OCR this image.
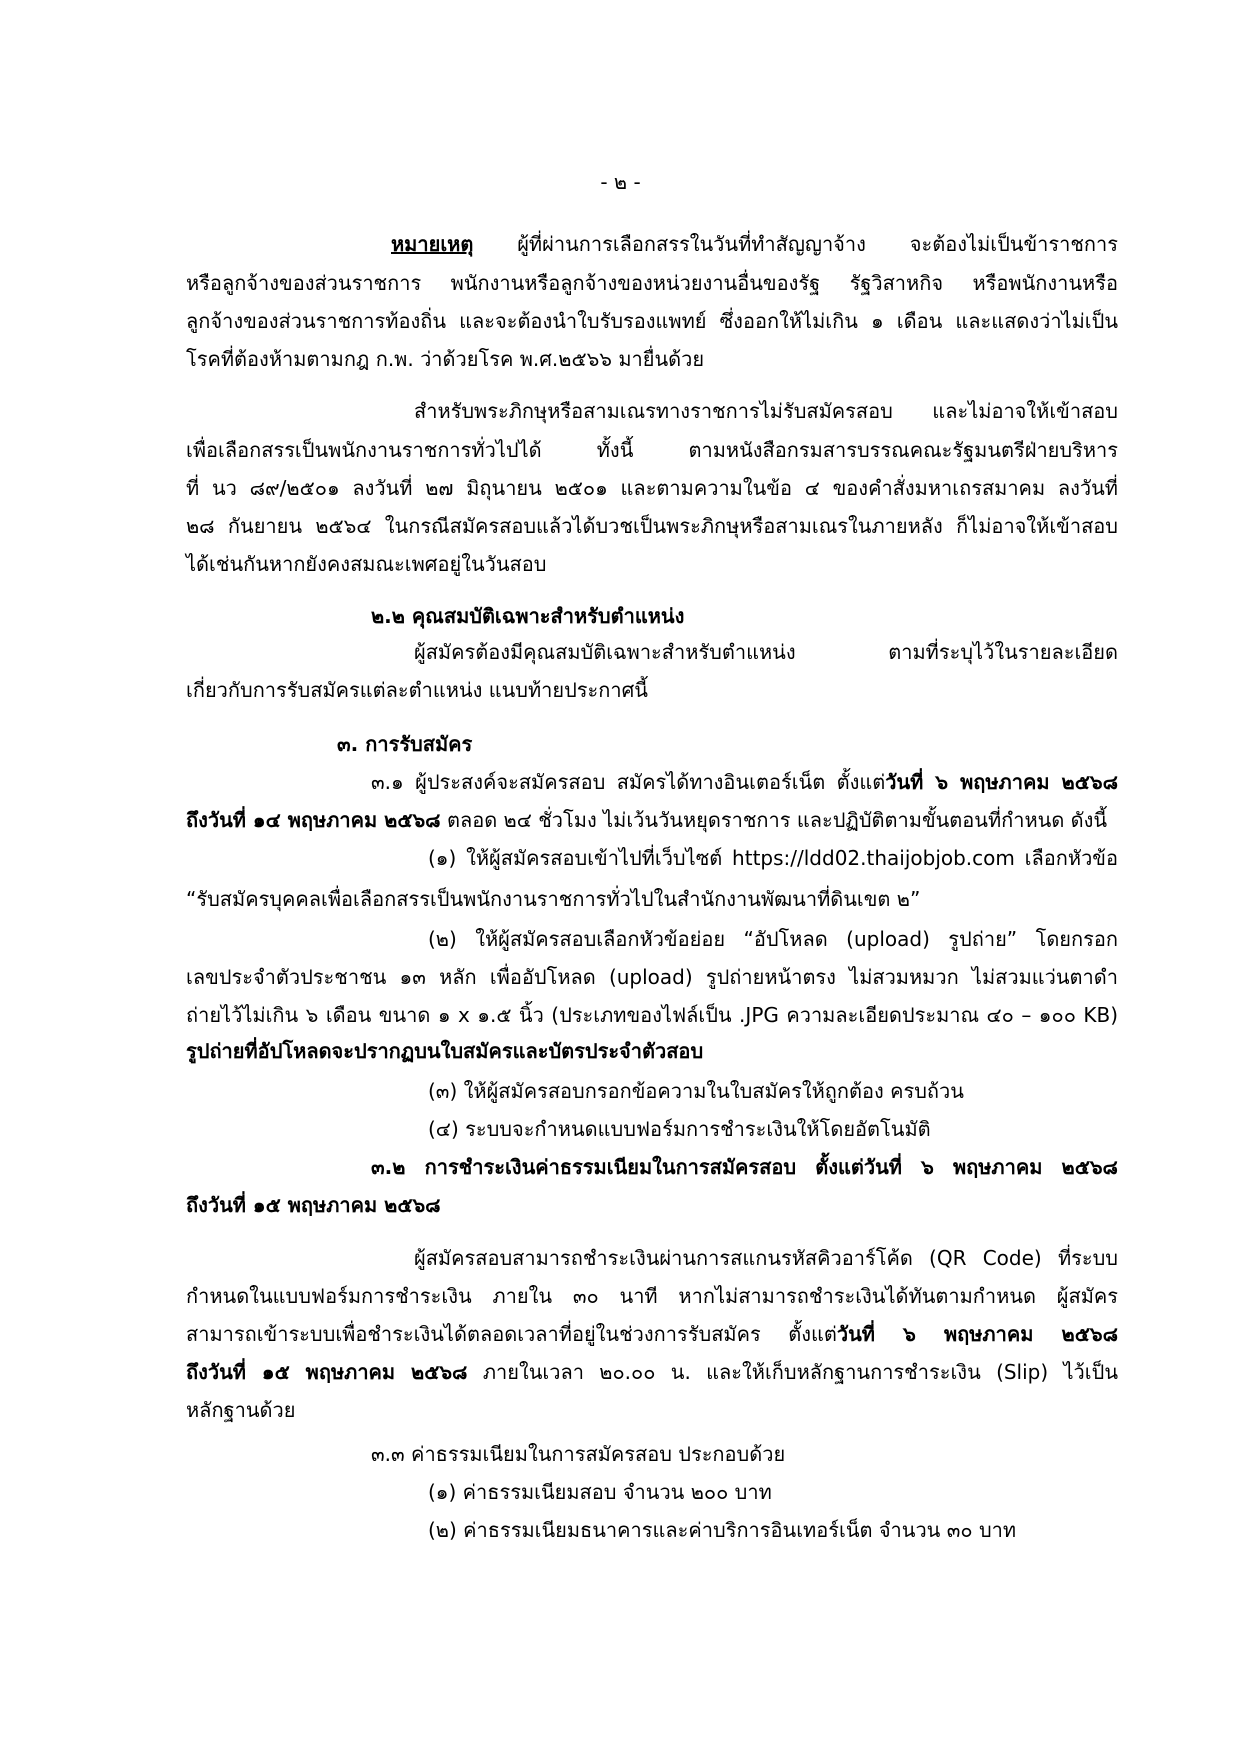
- ๒ -
หมายเหตุ ผู้ที่ผ่านการเลือกสรรในวันที่ทำสัญญาจ้าง จะต้องไม่เป็นข้าราชการ
หรือลูกจ้างของส่วนราชการ พนักงานหรือลูกจ้างของหน่วยงานอื่นของรัฐ รัฐวิสาหกิจ หรือพนักงานหรือ
ลูกจ้างของส่วนราชการท้องถิ่น และจะต้องนำใบรับรองแพทย์ ซึ่งออกให้ไม่เกิน ๑ เดือน และแสดงว่าไม่เป็น
โรคที่ต้องห้ามตามกฎ ก.พ. ว่าด้วยโรค พ.ศ.๒๕๖๖ มายื่นด้วย
สำหรับพระภิกษุหรือสามเณรทางราชการไม่รับสมัครสอบ และไม่อาจให้เข้าสอบ
เพื่อเลือกสรรเป็นพนักงานราชการทั่วไปได้ ทั้งนี้ ตามหนังสือกรมสารบรรณคณะรัฐมนตรีฝ่ายบริหาร
ที่ นว ๘๙/๒๕๐๑ ลงวันที่ ๒๗ มิถุนายน ๒๕๐๑ และตามความในข้อ ๔ ของคำสั่งมหาเถรสมาคม ลงวันที่
๒๘ กันยายน ๒๕๖๔ ในกรณีสมัครสอบแล้วได้บวชเป็นพระภิกษุหรือสามเณรในภายหลัง ก็ไม่อาจให้เข้าสอบ
ได้เช่นกันหากยังคงสมณะเพศอยู่ในวันสอบ
๒.๒ คุณสมบัติเฉพาะสำหรับตำแหน่ง
ผู้สมัครต้องมีคุณสมบัติเฉพาะสำหรับตำแหน่ง ตามที่ระบุไว้ในรายละเอียด
เกี่ยวกับการรับสมัครแต่ละตำแหน่ง แนบท้ายประกาศนี้
๓. การรับสมัคร
๓.๑ ผู้ประสงค์จะสมัครสอบ สมัครได้ทางอินเตอร์เน็ต ตั้งแต่วันที่ ๖ พฤษภาคม ๒๕๖๘
ถึงวันที่ ๑๔ พฤษภาคม ๒๕๖๘ ตลอด ๒๔ ชั่วโมง ไม่เว้นวันหยุดราชการ และปฏิบัติตามขั้นตอนที่กำหนด ดังนี้
(๑) ให้ผู้สมัครสอบเข้าไปที่เว็บไซต์ https://ldd02.thaijobjob.com เลือกหัวข้อ
“รับสมัครบุคคลเพื่อเลือกสรรเป็นพนักงานราชการทั่วไปในสำนักงานพัฒนาที่ดินเขต ๒”
(๒) ให้ผู้สมัครสอบเลือกหัวข้อย่อย “อัปโหลด (upload) รูปถ่าย” โดยกรอก
เลขประจำตัวประชาชน ๑๓ หลัก เพื่ออัปโหลด (upload) รูปถ่ายหน้าตรง ไม่สวมหมวก ไม่สวมแว่นตาดำ
ถ่ายไว้ไม่เกิน ๖ เดือน ขนาด ๑ x ๑.๕ นิ้ว (ประเภทของไฟล์เป็น .JPG ความละเอียดประมาณ ๔๐ – ๑๐๐ KB)
รูปถ่ายที่อัปโหลดจะปรากฏบนใบสมัครและบัตรประจำตัวสอบ
(๓) ให้ผู้สมัครสอบกรอกข้อความในใบสมัครให้ถูกต้อง ครบถ้วน
(๔) ระบบจะกำหนดแบบฟอร์มการชำระเงินให้โดยอัตโนมัติ
๓.๒ การชำระเงินค่าธรรมเนียมในการสมัครสอบ ตั้งแต่วันที่ ๖ พฤษภาคม ๒๕๖๘
ถึงวันที่ ๑๕ พฤษภาคม ๒๕๖๘
ผู้สมัครสอบสามารถชำระเงินผ่านการสแกนรหัสคิวอาร์โค้ด (QR Code) ที่ระบบ
กำหนดในแบบฟอร์มการชำระเงิน ภายใน ๓๐ นาที หากไม่สามารถชำระเงินได้ทันตามกำหนด ผู้สมัคร
สามารถเข้าระบบเพื่อชำระเงินได้ตลอดเวลาที่อยู่ในช่วงการรับสมัคร ตั้งแต่วันที่ ๖ พฤษภาคม ๒๕๖๘
ถึงวันที่ ๑๕ พฤษภาคม ๒๕๖๘ ภายในเวลา ๒๐.๐๐ น. และให้เก็บหลักฐานการชำระเงิน (Slip) ไว้เป็น
หลักฐานด้วย
๓.๓ ค่าธรรมเนียมในการสมัครสอบ ประกอบด้วย
(๑) ค่าธรรมเนียมสอบ จำนวน ๒๐๐ บาท
(๒) ค่าธรรมเนียมธนาคารและค่าบริการอินเทอร์เน็ต จำนวน ๓๐ บาท
